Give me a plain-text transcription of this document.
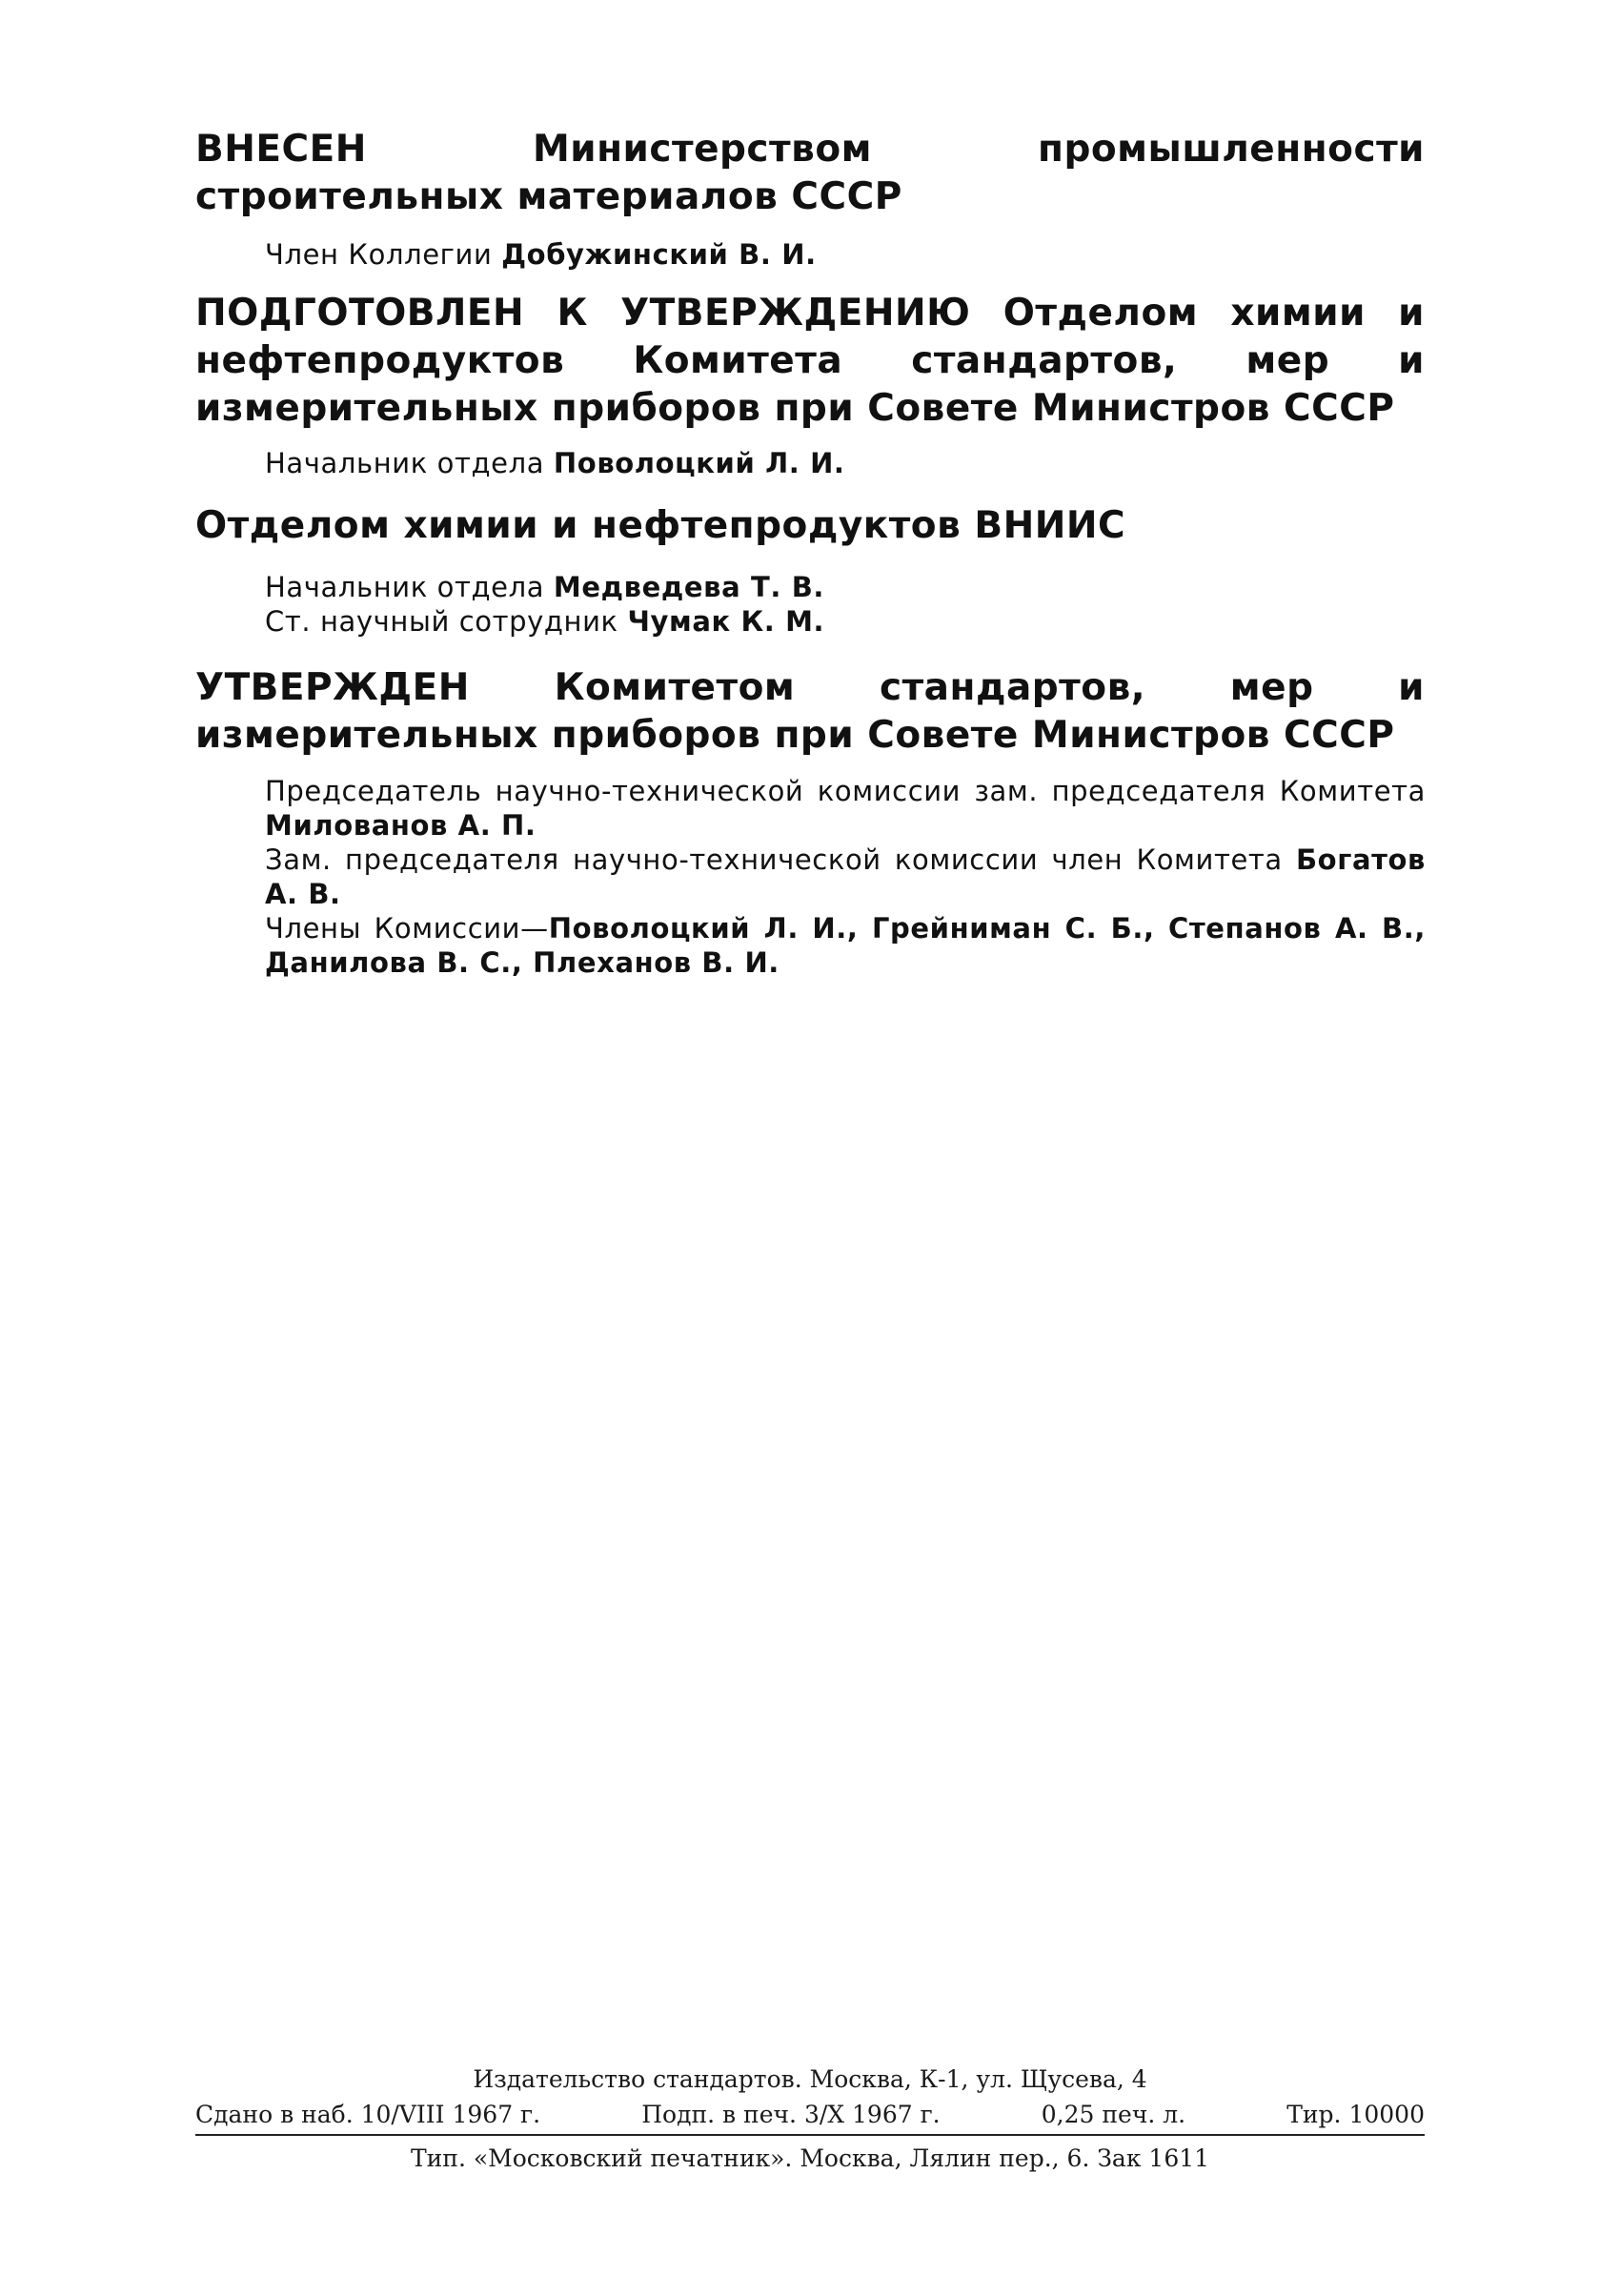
ВНЕСЕН	Министерством промышленности строительных материалов СССР

Член Коллегии Добужинский В. И.

ПОДГОТОВЛЕН К УТВЕРЖДЕНИЮ Отделом химии и нефтепродуктов Комитета стандартов, мер и измерительных приборов при Совете Министров СССР

Начальник отдела Поволоцкий Л. И.

Отделом химии и нефтепродуктов ВНИИС

Начальник отдела Медведева Т. В.

Ст. научный сотрудник Чумак К. М.

УТВЕРЖДЕН Комитетом стандартов, мер и измерительных приборов при Совете Министров СССР

Председатель научно-технической комиссии зам. председателя Комитета Милованов А. П.

Зам. председателя научно-технической комиссии член Комитета Богатов А. В.

Члены Комиссии—Поволоцкий Л. И., Грейниман С. Б., Степанов А. В., Данилова В. С., Плеханов В. И.

Издательство стандартов. Москва, К-1, ул. Щусева, 4
Сдано в наб. 10/VIII 1967 г.	Подп. в печ. 3/X 1967 г.	0,25 печ. л.	Тир. 10000
Тип. «Московский печатник». Москва, Лялин пер., 6. Зак 1611
